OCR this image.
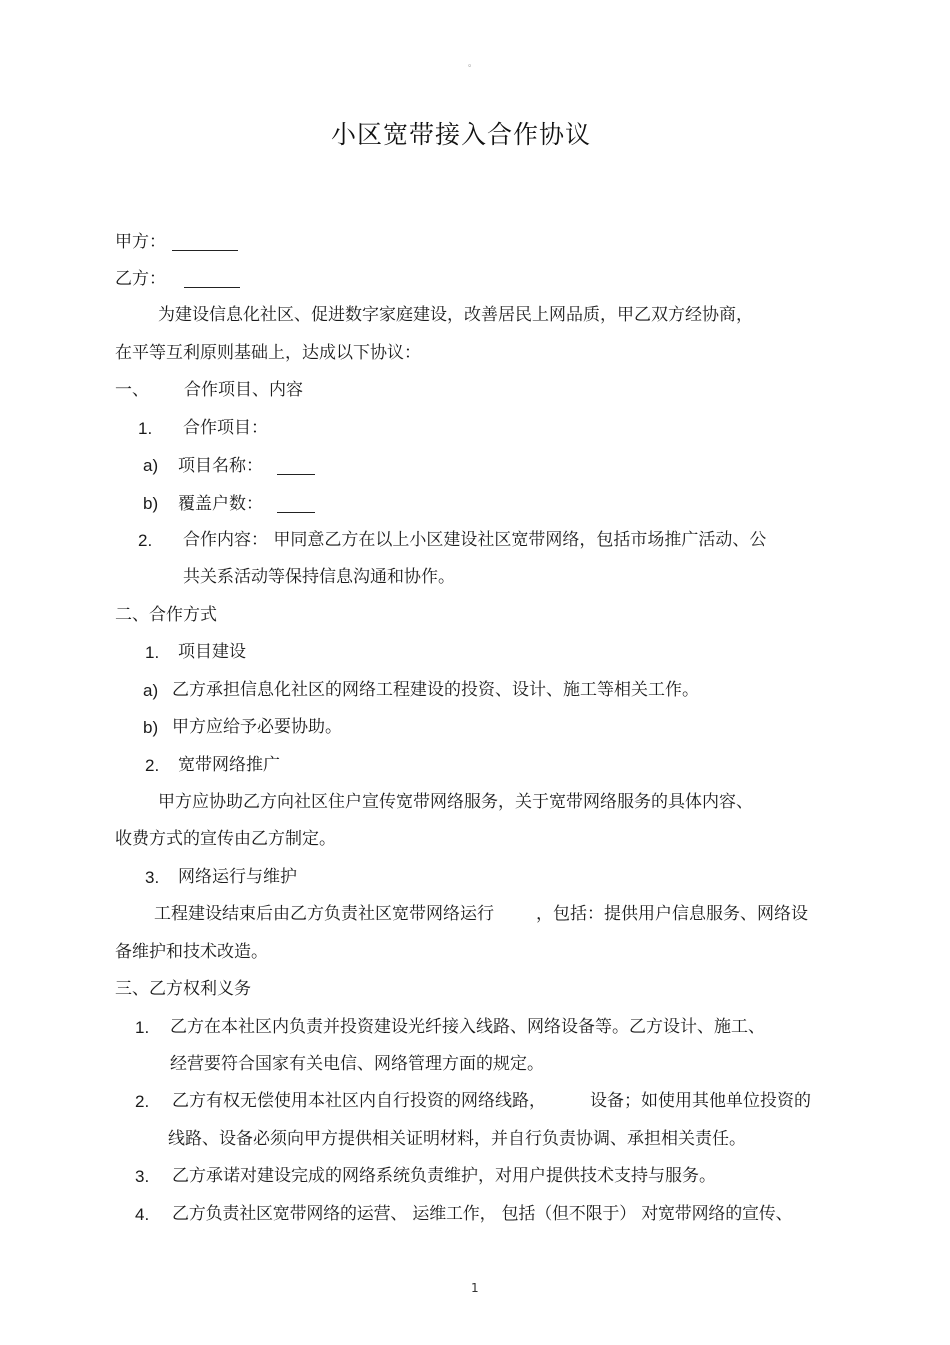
。
小区宽带接入合作协议
甲方：
乙方：
为建设信息化社区、促进数字家庭建设，改善居民上网品质，甲乙双方经协商，
在平等互利原则基础上，达成以下协议：
一、 合作项目、内容
1. 合作项目：
a) 项目名称：
b) 覆盖户数：
2. 合作内容： 甲同意乙方在以上小区建设社区宽带网络，包括市场推广活动、公
共关系活动等保持信息沟通和协作。
二、合作方式
1. 项目建设
a) 乙方承担信息化社区的网络工程建设的投资、设计、施工等相关工作。
b) 甲方应给予必要协助。
2. 宽带网络推广
甲方应协助乙方向社区住户宣传宽带网络服务，关于宽带网络服务的具体内容、
收费方式的宣传由乙方制定。
3. 网络运行与维护
工程建设结束后由乙方负责社区宽带网络运行 ，包括：提供用户信息服务、网络设
备维护和技术改造。
三、乙方权利义务
1. 乙方在本社区内负责并投资建设光纤接入线路、网络设备等。乙方设计、施工、
经营要符合国家有关电信、网络管理方面的规定。
2. 乙方有权无偿使用本社区内自行投资的网络线路，	设备；如使用其他单位投资的
线路、设备必须向甲方提供相关证明材料，并自行负责协调、承担相关责任。
3. 乙方承诺对建设完成的网络系统负责维护，对用户提供技术支持与服务。
4. 乙方负责社区宽带网络的运营、 运维工作， 包括（但不限于） 对宽带网络的宣传、
1
